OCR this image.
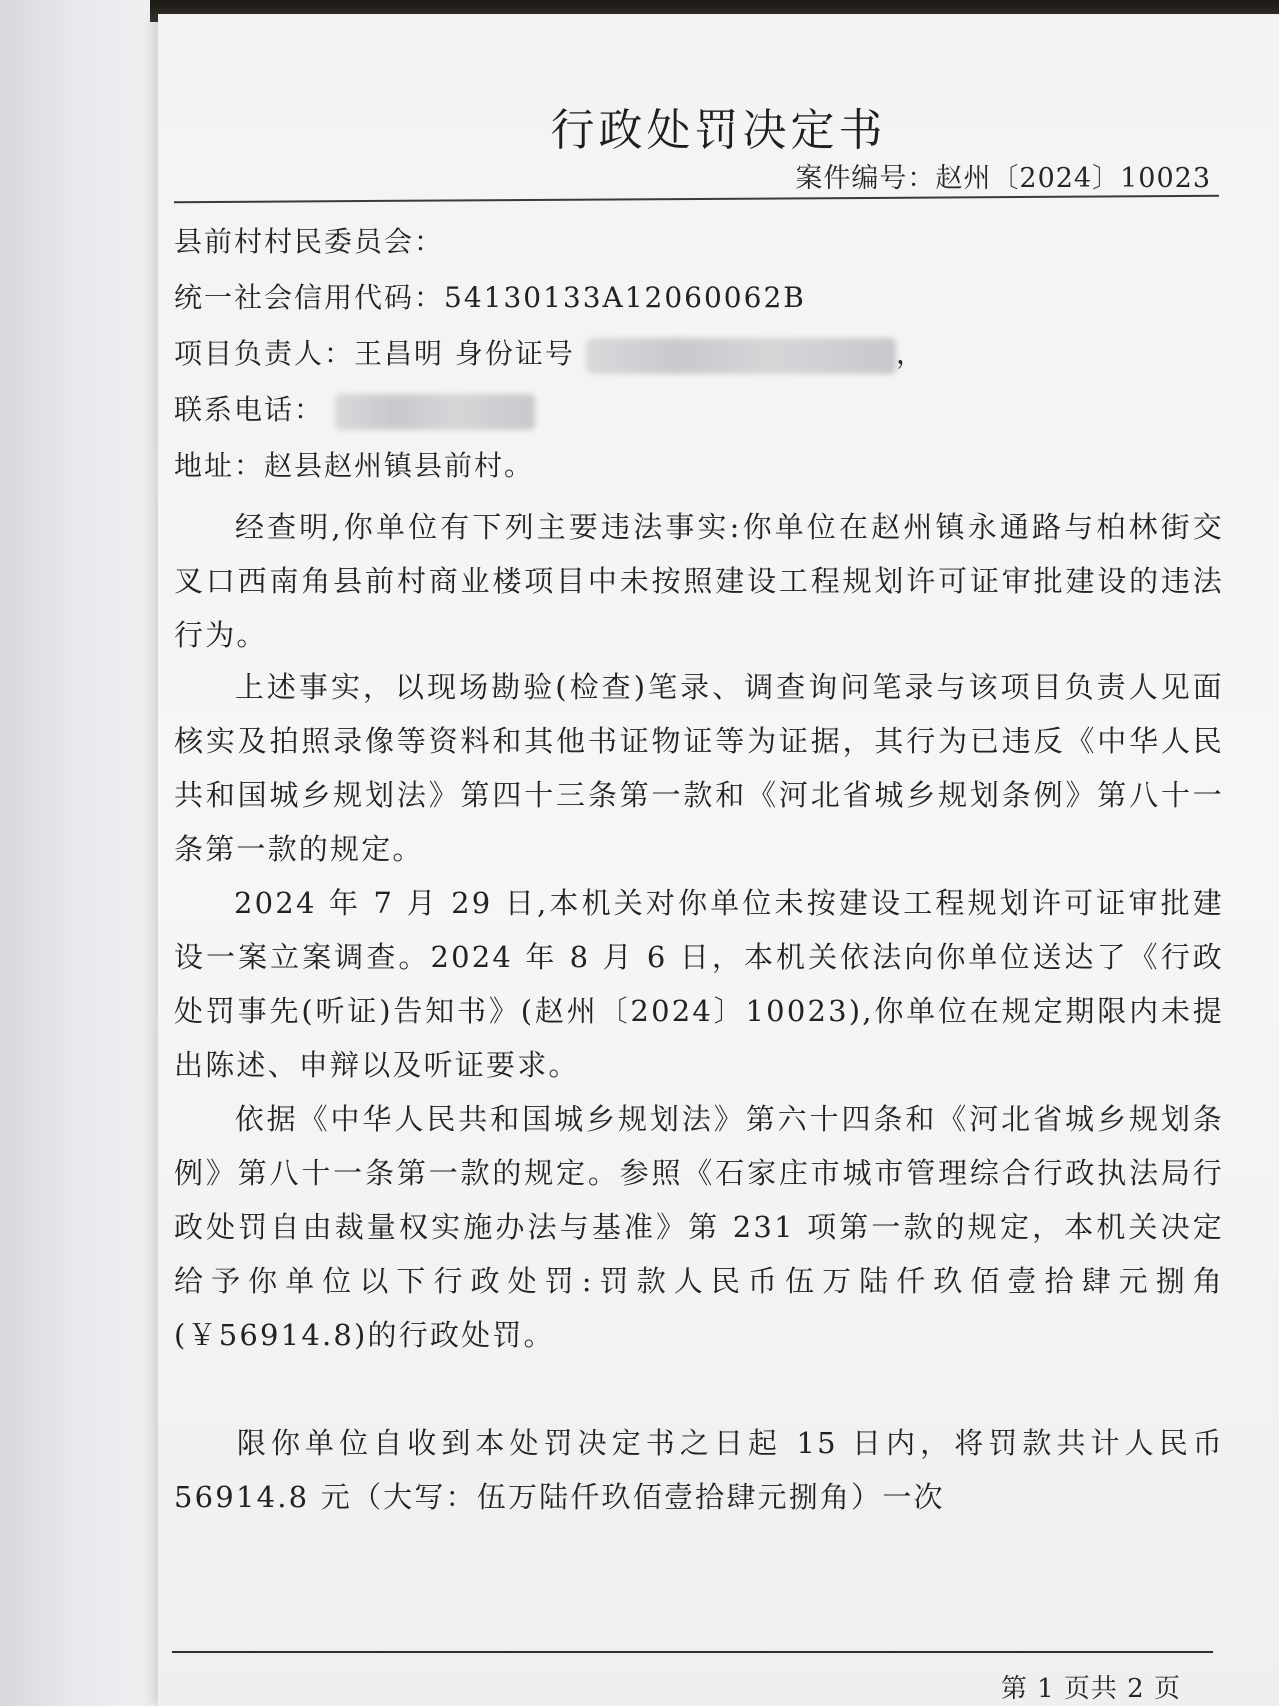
行政处罚决定书
案件编号：赵州〔2024〕10023
县前村村民委员会：
统一社会信用代码：54130133A12060062B
项目负责人：王昌明 身份证号	，
联系电话：
地址：赵县赵州镇县前村。
经查明,你单位有下列主要违法事实:你单位在赵州镇永通路与柏林街交叉口西南角县前村商业楼项目中未按照建设工程规划许可证审批建设的违法行为。
上述事实，以现场勘验(检查)笔录、调查询问笔录与该项目负责人见面核实及拍照录像等资料和其他书证物证等为证据，其行为已违反《中华人民共和国城乡规划法》第四十三条第一款和《河北省城乡规划条例》第八十一条第一款的规定。
2024 年 7 月 29 日,本机关对你单位未按建设工程规划许可证审批建设一案立案调查。2024 年 8 月 6 日，本机关依法向你单位送达了《行政处罚事先(听证)告知书》(赵州〔2024〕10023),你单位在规定期限内未提出陈述、申辩以及听证要求。
依据《中华人民共和国城乡规划法》第六十四条和《河北省城乡规划条例》第八十一条第一款的规定。参照《石家庄市城市管理综合行政执法局行政处罚自由裁量权实施办法与基准》第 231 项第一款的规定，本机关决定给予你单位以下行政处罚:罚款人民币伍万陆仟玖佰壹拾肆元捌角(￥56914.8)的行政处罚。
限你单位自收到本处罚决定书之日起 15 日内，将罚款共计人民币 56914.8 元（大写：伍万陆仟玖佰壹拾肆元捌角）一次
第 1 页共 2 页
